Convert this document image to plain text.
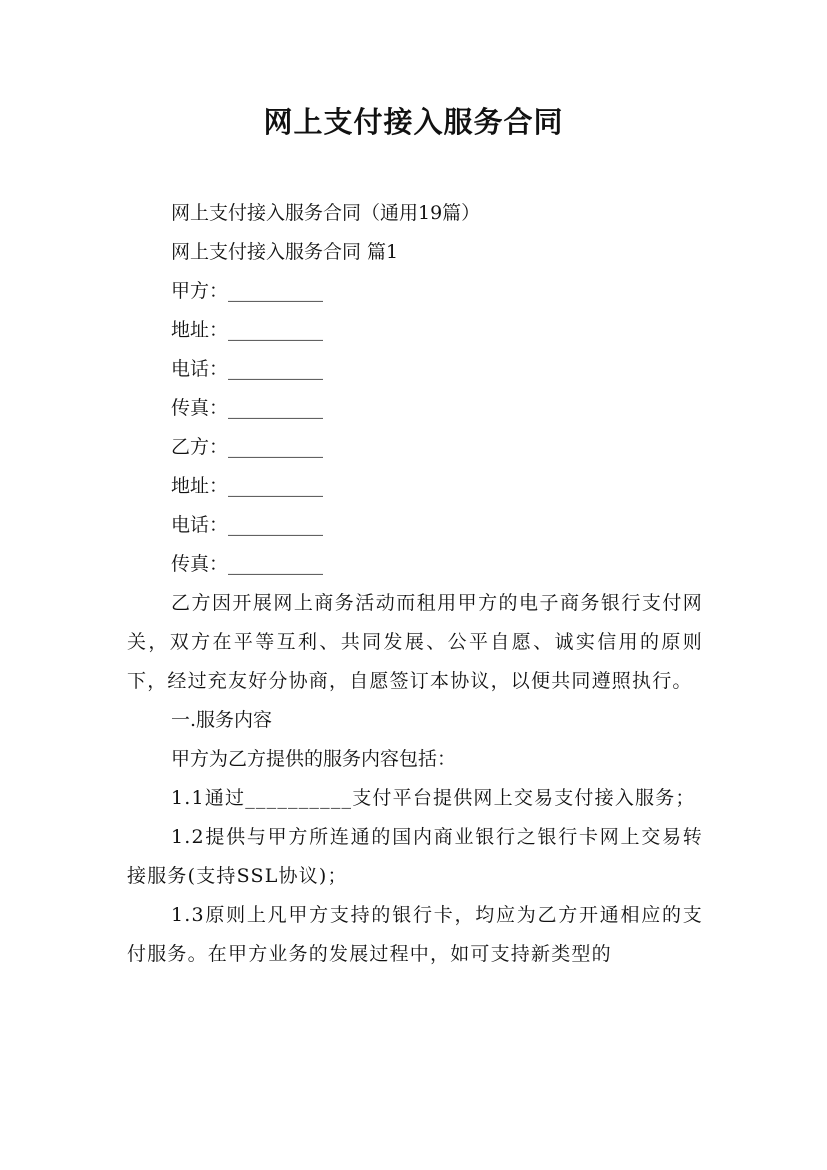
网上支付接入服务合同

网上支付接入服务合同（通用19篇）

网上支付接入服务合同 篇1

甲方：__________

地址：__________

电话：__________

传真：__________

乙方：__________

地址：__________

电话：__________

传真：__________

乙方因开展网上商务活动而租用甲方的电子商务银行支付网关，双方在平等互利、共同发展、公平自愿、诚实信用的原则下，经过充友好分协商，自愿签订本协议，以便共同遵照执行。

一.服务内容

甲方为乙方提供的服务内容包括：

1.1通过__________支付平台提供网上交易支付接入服务；

1.2提供与甲方所连通的国内商业银行之银行卡网上交易转接服务(支持SSL协议)；

1.3原则上凡甲方支持的银行卡，均应为乙方开通相应的支付服务。在甲方业务的发展过程中，如可支持新类型的
